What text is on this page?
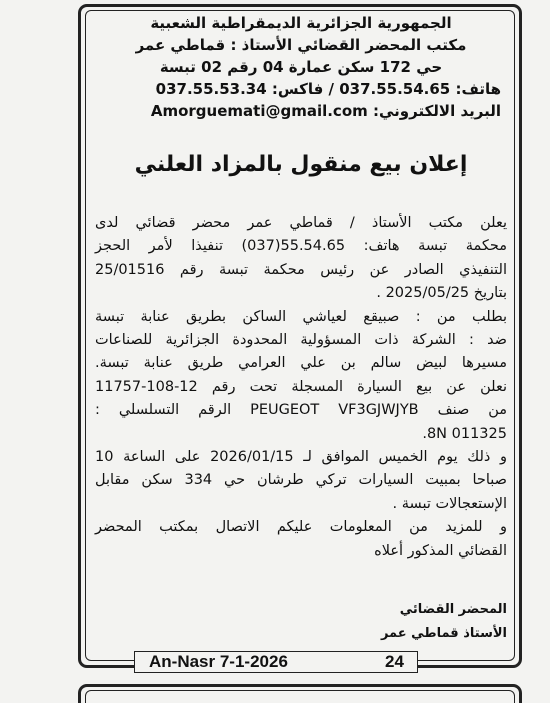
الجمهورية الجزائرية الديمقراطية الشعبية
مكتب المحضر القضائي الأستاذ : قماطي عمر
حي 172 سكن عمارة 04 رقم 02 تبسة
هاتف: 037.55.54.65 / فاكس: 037.55.53.34
البريد الالكتروني: Amorguemati@gmail.com
إعلان بيع منقول بالمزاد العلني
يعلن مكتب الأستاذ / قماطي عمر محضر قضائي لدى
محكمة تبسة هاتف: 55.54.65(037) تنفيذا لأمر الحجز
التنفيذي الصادر عن رئيس محكمة تبسة رقم 25/01516
بتاريخ 2025/05/25 .
بطلب من : صبيقع لعياشي الساكن بطريق عنابة تبسة
ضد : الشركة ذات المسؤولية المحدودة الجزائرية للصناعات
مسيرها لبيض سالم بن علي العرامي طريق عنابة تبسة.
نعلن عن بيع السيارة المسجلة تحت رقم 12-108-11757
من صنف PEUGEOT VF3GJWJYB الرقم التسلسلي :
8N 011325.
و ذلك يوم الخميس الموافق لـ 2026/01/15 على الساعة 10
صباحا بمبيت السيارات تركي طرشان حي 334 سكن مقابل
الإستعجالات تبسة .
و للمزيد من المعلومات عليكم الاتصال بمكتب المحضر
القضائي المذكور أعلاه
المحضر القضائي
الأستاذ قماطي عمر
An-Nasr 7-1-2026	24
